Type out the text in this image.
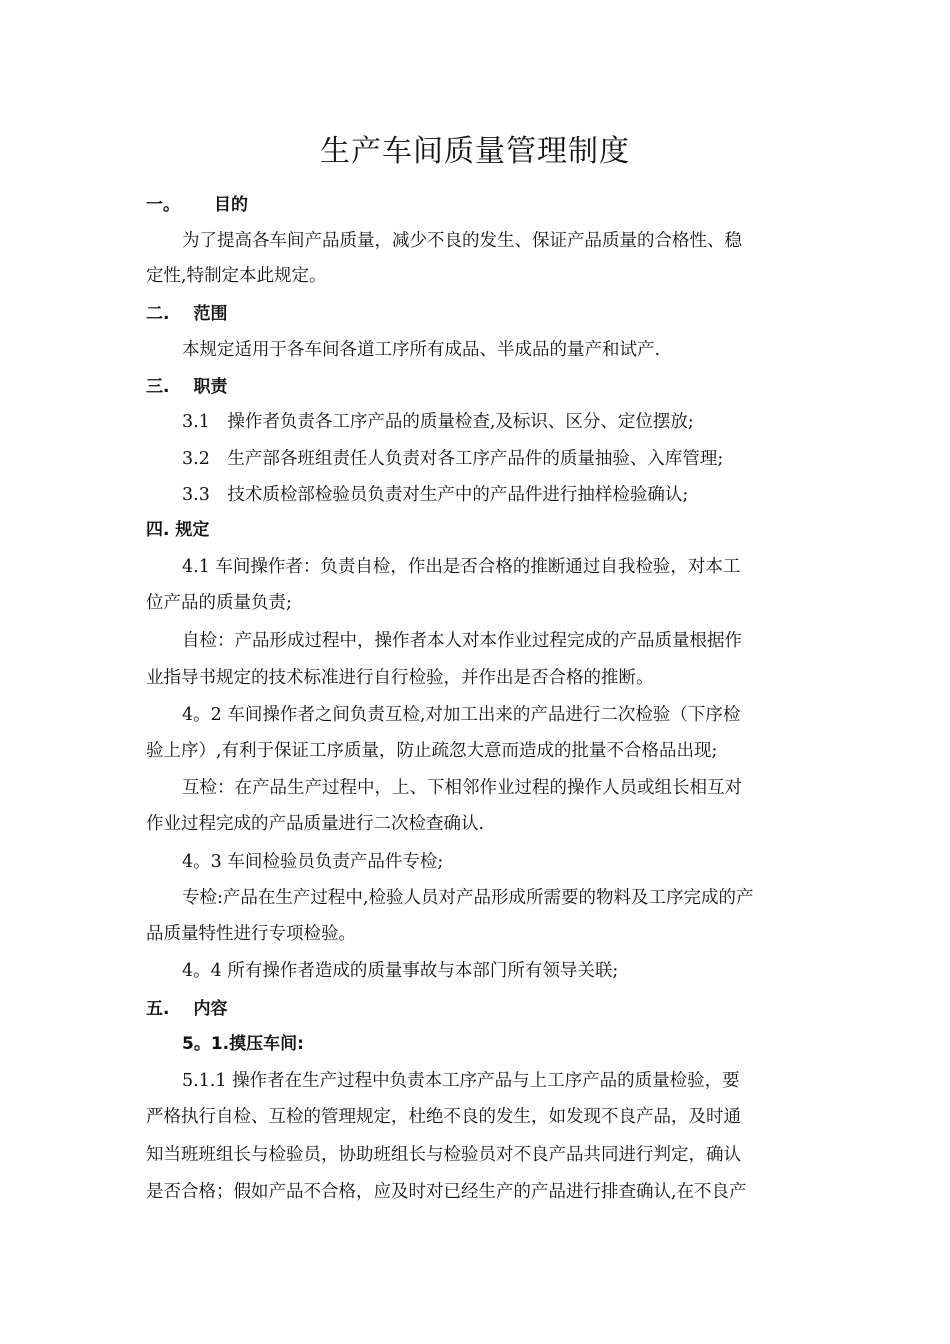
生产车间质量管理制度
一。 目的
为了提高各车间产品质量，减少不良的发生、保证产品质量的合格性、稳
定性,特制定本此规定。
二. 范围
本规定适用于各车间各道工序所有成品、半成品的量产和试产.
三. 职责
3.1　操作者负责各工序产品的质量检查,及标识、区分、定位摆放;
3.2　生产部各班组责任人负责对各工序产品件的质量抽验、入库管理;
3.3　技术质检部检验员负责对生产中的产品件进行抽样检验确认;
四. 规定
4.1 车间操作者：负责自检，作出是否合格的推断通过自我检验，对本工
位产品的质量负责;
自检：产品形成过程中，操作者本人对本作业过程完成的产品质量根据作
业指导书规定的技术标准进行自行检验，并作出是否合格的推断。
4。2 车间操作者之间负责互检,对加工出来的产品进行二次检验（下序检
验上序）,有利于保证工序质量，防止疏忽大意而造成的批量不合格品出现;
互检：在产品生产过程中，上、下相邻作业过程的操作人员或组长相互对
作业过程完成的产品质量进行二次检查确认.
4。3 车间检验员负责产品件专检;
专检:产品在生产过程中,检验人员对产品形成所需要的物料及工序完成的产
品质量特性进行专项检验。
4。4 所有操作者造成的质量事故与本部门所有领导关联;
五. 内容
5。1.摸压车间:
5.1.1 操作者在生产过程中负责本工序产品与上工序产品的质量检验，要
严格执行自检、互检的管理规定，杜绝不良的发生，如发现不良产品，及时通
知当班班组长与检验员，协助班组长与检验员对不良产品共同进行判定，确认
是否合格；假如产品不合格，应及时对已经生产的产品进行排查确认,在不良产
